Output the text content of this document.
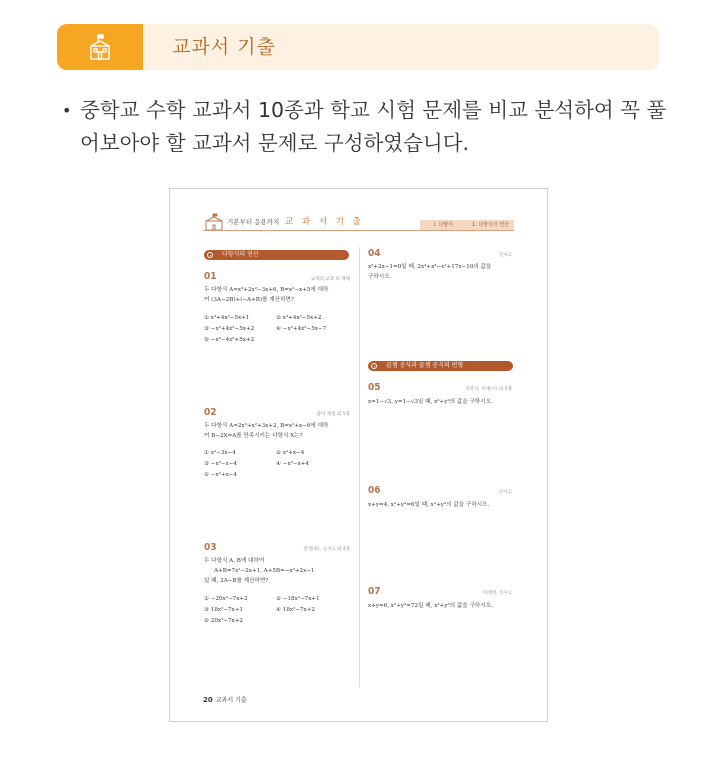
교과서 기출
• 중학교 수학 교과서 10종과 학교 시험 문제를 비교 분석하여 꼭 풀
어보아야 할 교과서 문제로 구성하였습니다.
기본부터 응용까지 교 과 서 기 출	I. 다항식	1. 다항식의 연산
다항식의 연산
01	교재의 교과 외 채택
두 다항식 A=x³+2x²−3x+6, B=x³−x+5에 대하
여 (3A−2B)+(−A+B)를 계산하면?
① x³+4x²−5x+1	② x³+4x²−5x+2
③ −x³+4x²−5x+2	④ −x³+4x²−5x−7
⑤ −x³−4x²+5x+2
02	좋아 채점 외 5종
두 다항식 A=2x³+x²+3x+2, B=x³+x−6에 대하
여 B−2X=A를 만족시키는 다항식 X는?
① x²−3x−4	② x²+x−4
③ −x²−x−4	④ −x²−x+4
⑤ −x²+x−4
03	천재(류), 신사고 외 4종
두 다항식 A, B에 대하여
A+B=7x²−2x+1, A+5B=−x²+2x−1
일 때, 2A−B를 계산하면?
① −20x²−7x+2	② −18x²−7x+1
③ 18x²−7x+1	④ 18x²−7x+2
⑤ 20x²−7x+2
04	신사고
x²+2x−1=0일 때, 2x⁴+x³−x²+17x−10의 값을
구하시오.
곱셈 공식과 곱셈 공식의 변형
05	지학사, 천재(이) 외 5종
x=1−√3, y=1−√3일 때, x²+y²의 값을 구하시오.
06	신사고
x+y=4, x²+y²=6일 때, x³+y³의 값을 구하시오.
07	미래엔, 신사고
x+y=6, x²+y²=72일 때, x³+y³의 값을 구하시오.
20 교과서 기출
